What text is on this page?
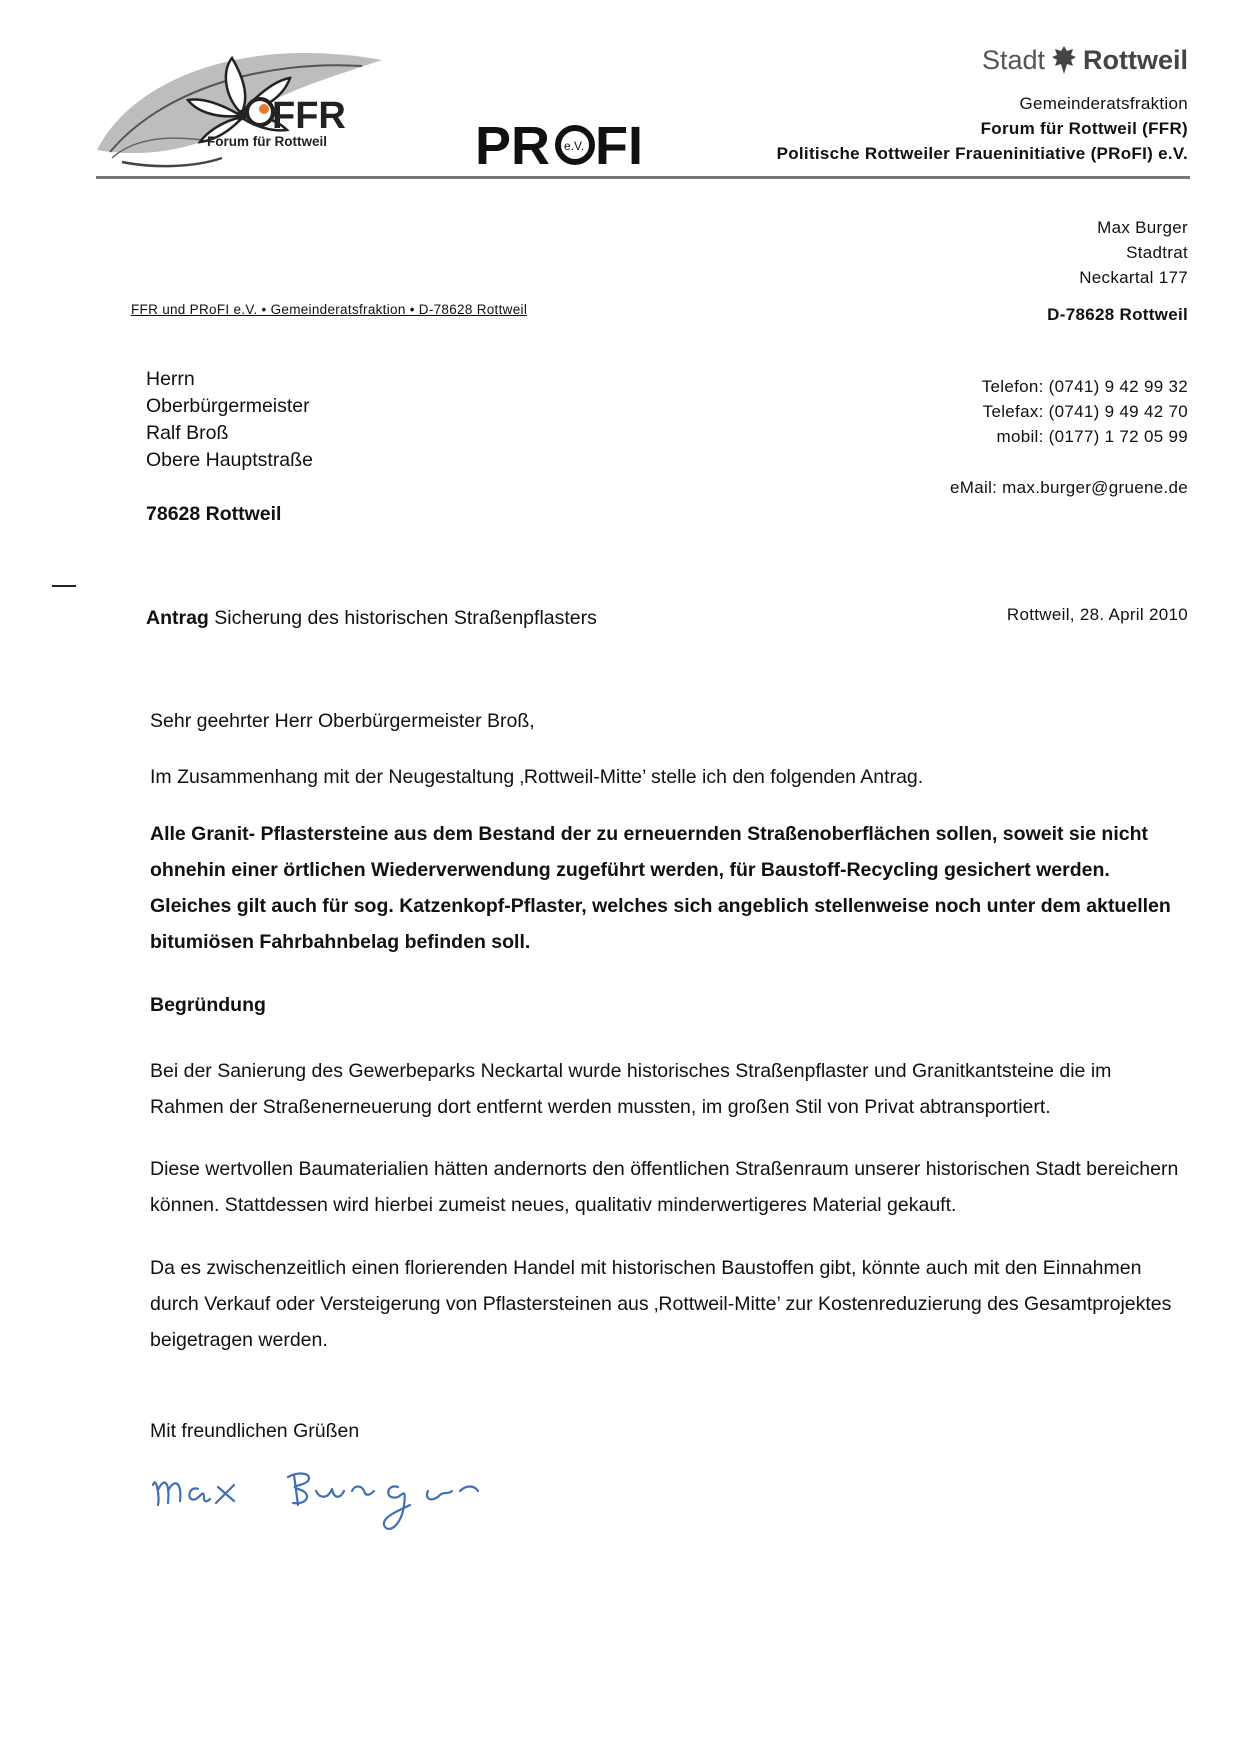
FFR
Forum für Rottweil	PR e.V. FI
Stadt Rottweil
Gemeinderatsfraktion
Forum für Rottweil (FFR)
Politische Rottweiler Fraueninitiative (PRoFI) e.V.
Max Burger
Stadtrat
Neckartal 177
D-78628 Rottweil
Telefon: (0741) 9 42 99 32
Telefax: (0741) 9 49 42 70
mobil: (0177) 1 72 05 99
eMail: max.burger@gruene.de
FFR und PRoFI e.V. • Gemeinderatsfraktion • D-78628 Rottweil
Herrn
Oberbürgermeister
Ralf Broß
Obere Hauptstraße
78628 Rottweil
Antrag Sicherung des historischen Straßenpflasters	Rottweil, 28. April 2010
Sehr geehrter Herr Oberbürgermeister Broß,
Im Zusammenhang mit der Neugestaltung ‚Rottweil-Mitte’ stelle ich den folgenden Antrag.
Alle Granit- Pflastersteine aus dem Bestand der zu erneuernden Straßenoberflächen sollen, soweit sie nicht ohnehin einer örtlichen Wiederverwendung zugeführt werden, für Baustoff-Recycling gesichert werden. Gleiches gilt auch für sog. Katzenkopf-Pflaster, welches sich angeblich stellenweise noch unter dem aktuellen bitumiösen Fahrbahnbelag befinden soll.
Begründung
Bei der Sanierung des Gewerbeparks Neckartal wurde historisches Straßenpflaster und Granitkantsteine die im Rahmen der Straßenerneuerung dort entfernt werden mussten, im großen Stil von Privat abtransportiert.
Diese wertvollen Baumaterialien hätten andernorts den öffentlichen Straßenraum unserer historischen Stadt bereichern können. Stattdessen wird hierbei zumeist neues, qualitativ minderwertigeres Material gekauft.
Da es zwischenzeitlich einen florierenden Handel mit historischen Baustoffen gibt, könnte auch mit den Einnahmen durch Verkauf oder Versteigerung von Pflastersteinen aus ‚Rottweil-Mitte’ zur Kostenreduzierung des Gesamtprojektes beigetragen werden.
Mit freundlichen Grüßen
